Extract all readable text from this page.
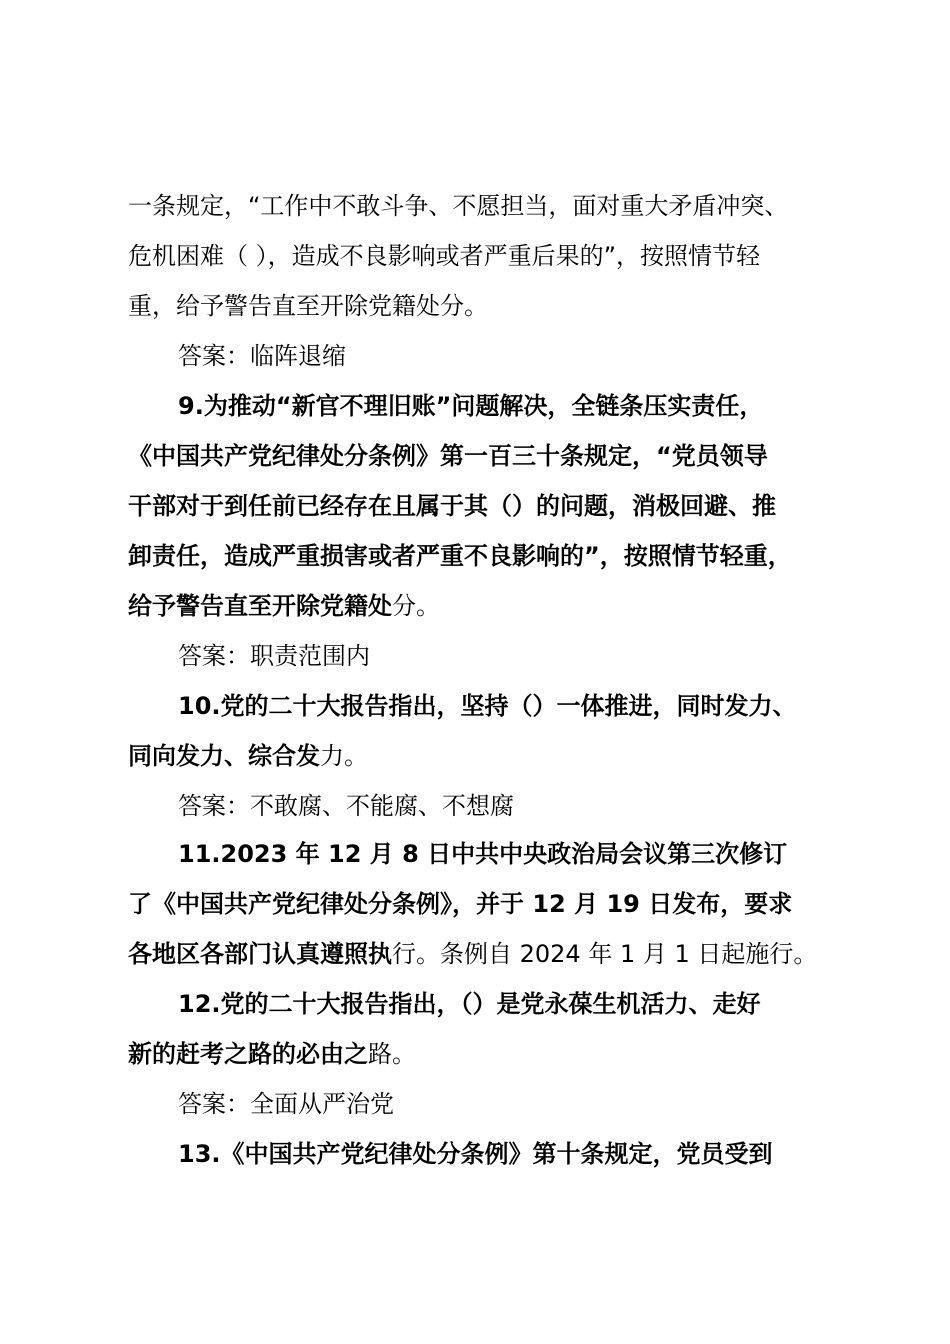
一条规定，“工作中不敢斗争、不愿担当，面对重大矛盾冲突、
危机困难（ ），造成不良影响或者严重后果的”，按照情节轻
重，给予警告直至开除党籍处分。
答案：临阵退缩
9.为推动“新官不理旧账”问题解决，全链条压实责任，
《中国共产党纪律处分条例》第一百三十条规定，“党员领导
干部对于到任前已经存在且属于其（）的问题，消极回避、推
卸责任，造成严重损害或者严重不良影响的”，按照情节轻重，
给予警告直至开除党籍处分。
答案：职责范围内
10.党的二十大报告指出，坚持（）一体推进，同时发力、
同向发力、综合发力。
答案：不敢腐、不能腐、不想腐
11.2023 年 12 月 8 日中共中央政治局会议第三次修订
了《中国共产党纪律处分条例》，并于 12 月 19 日发布，要求
各地区各部门认真遵照执行。条例自 2024 年 1 月 1 日起施行。
12.党的二十大报告指出，（）是党永葆生机活力、走好
新的赶考之路的必由之路。
答案：全面从严治党
13.《中国共产党纪律处分条例》第十条规定，党员受到
